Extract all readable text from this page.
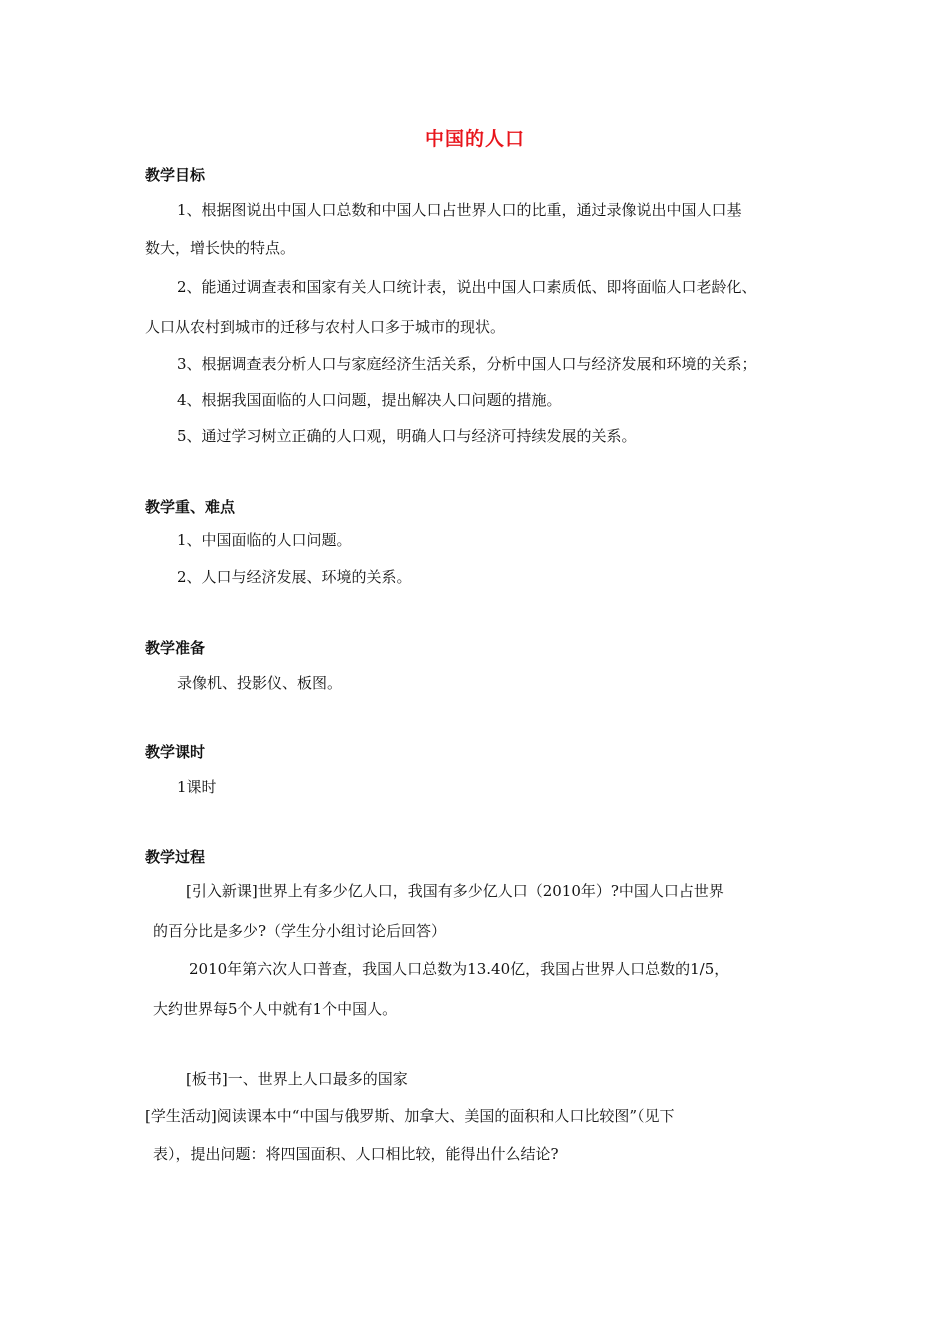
中国的人口
教学目标
1、根据图说出中国人口总数和中国人口占世界人口的比重，通过录像说出中国人口基
数大，增长快的特点。
2、能通过调查表和国家有关人口统计表，说出中国人口素质低、即将面临人口老龄化、
人口从农村到城市的迁移与农村人口多于城市的现状。
3、根据调查表分析人口与家庭经济生活关系，分析中国人口与经济发展和环境的关系；
4、根据我国面临的人口问题，提出解决人口问题的措施。
5、通过学习树立正确的人口观，明确人口与经济可持续发展的关系。
教学重、难点
1、中国面临的人口问题。
2、人口与经济发展、环境的关系。
教学准备
录像机、投影仪、板图。
教学课时
1课时
教学过程
[引入新课]世界上有多少亿人口，我国有多少亿人口（2010年）?中国人口占世界
的百分比是多少?（学生分小组讨论后回答）
2010年第六次人口普查，我国人口总数为13.40亿，我国占世界人口总数的1/5，
大约世界每5个人中就有1个中国人。
[板书]一、世界上人口最多的国家
[学生活动]阅读课本中“中国与俄罗斯、加拿大、美国的面积和人口比较图”（见下
表），提出问题：将四国面积、人口相比较，能得出什么结论?
